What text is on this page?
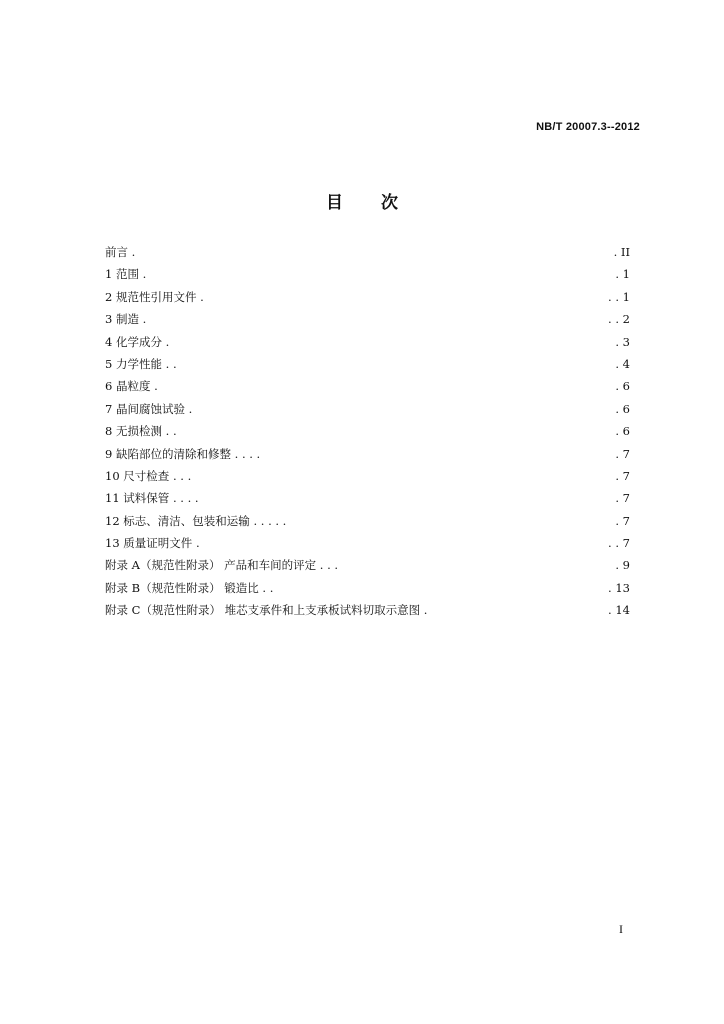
NB/T 20007.3--2012
目 次
前言 .	. II
1 范围 .	. 1
2 规范性引用文件 .	. . 1
3 制造 .	. . 2
4 化学成分 .	. 3
5 力学性能 . .	. 4
6 晶粒度 .	. 6
7 晶间腐蚀试验 .	. 6
8 无损检测 . .	. 6
9 缺陷部位的清除和修整 . . . .	. 7
10 尺寸检查 . . .	. 7
11 试料保管 . . . .	. 7
12 标志、清洁、包装和运输 . . . . .	. 7
13 质量证明文件 .	. . 7
附录 A（规范性附录） 产品和车间的评定 . . .	. 9
附录 B（规范性附录） 锻造比 . .	. 13
附录 C（规范性附录） 堆芯支承件和上支承板试料切取示意图 .	. 14
I
